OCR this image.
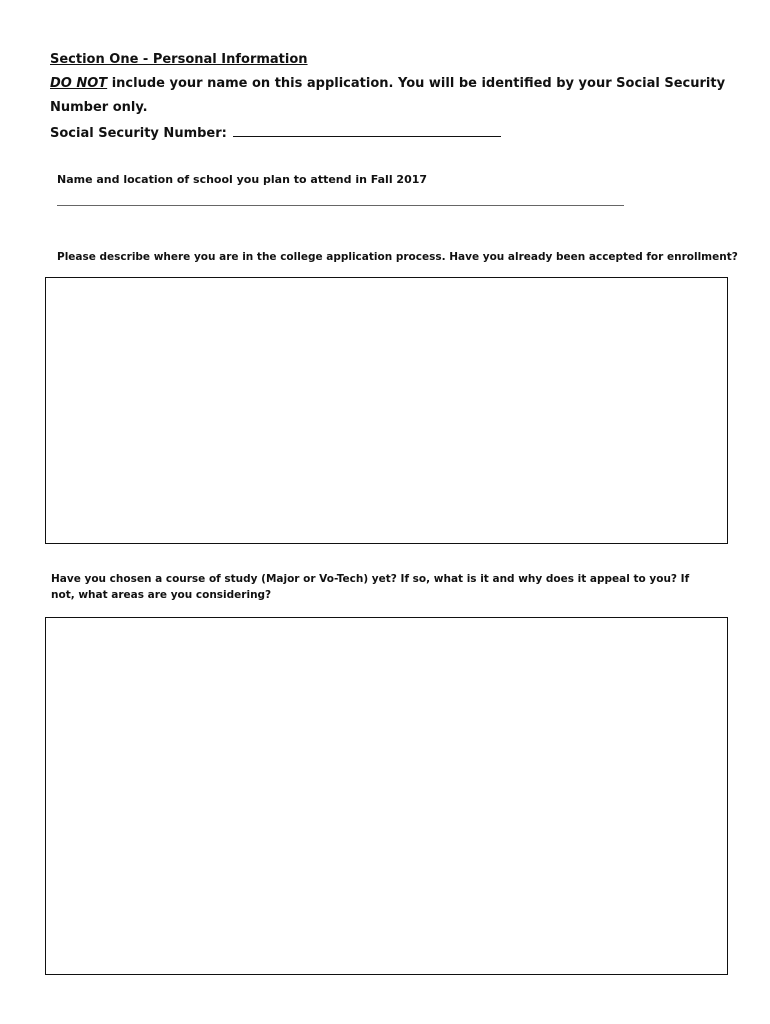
Section One - Personal Information
DO NOT include your name on this application. You will be identified by your Social Security
Number only.
Social Security Number:
Name and location of school you plan to attend in Fall 2017
Please describe where you are in the college application process. Have you already been accepted for enrollment?
Have you chosen a course of study (Major or Vo-Tech) yet? If so, what is it and why does it appeal to you? If
not, what areas are you considering?
